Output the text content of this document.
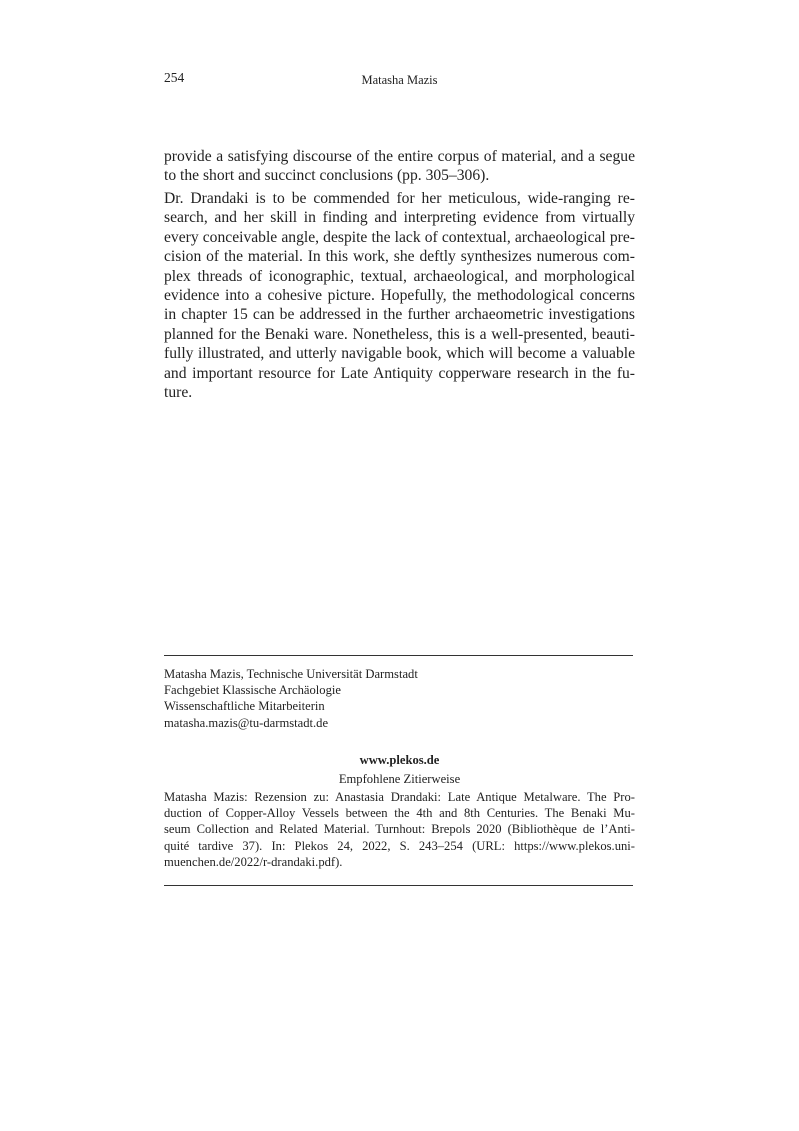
254	Matasha Mazis
provide a satisfying discourse of the entire corpus of material, and a segue
to the short and succinct conclusions (pp. 305–306).
Dr. Drandaki is to be commended for her meticulous, wide-ranging re-
search, and her skill in finding and interpreting evidence from virtually
every conceivable angle, despite the lack of contextual, archaeological pre-
cision of the material. In this work, she deftly synthesizes numerous com-
plex threads of iconographic, textual, archaeological, and morphological
evidence into a cohesive picture. Hopefully, the methodological concerns
in chapter 15 can be addressed in the further archaeometric investigations
planned for the Benaki ware. Nonetheless, this is a well-presented, beauti-
fully illustrated, and utterly navigable book, which will become a valuable
and important resource for Late Antiquity copperware research in the fu-
ture.
Matasha Mazis, Technische Universität Darmstadt
Fachgebiet Klassische Archäologie
Wissenschaftliche Mitarbeiterin
matasha.mazis@tu-darmstadt.de
www.plekos.de
Empfohlene Zitierweise
Matasha Mazis: Rezension zu: Anastasia Drandaki: Late Antique Metalware. The Pro-
duction of Copper-Alloy Vessels between the 4th and 8th Centuries. The Benaki Mu-
seum Collection and Related Material. Turnhout: Brepols 2020 (Bibliothèque de l’Anti-
quité tardive 37). In: Plekos 24, 2022, S. 243–254 (URL: https://www.plekos.uni-
muenchen.de/2022/r-drandaki.pdf).
